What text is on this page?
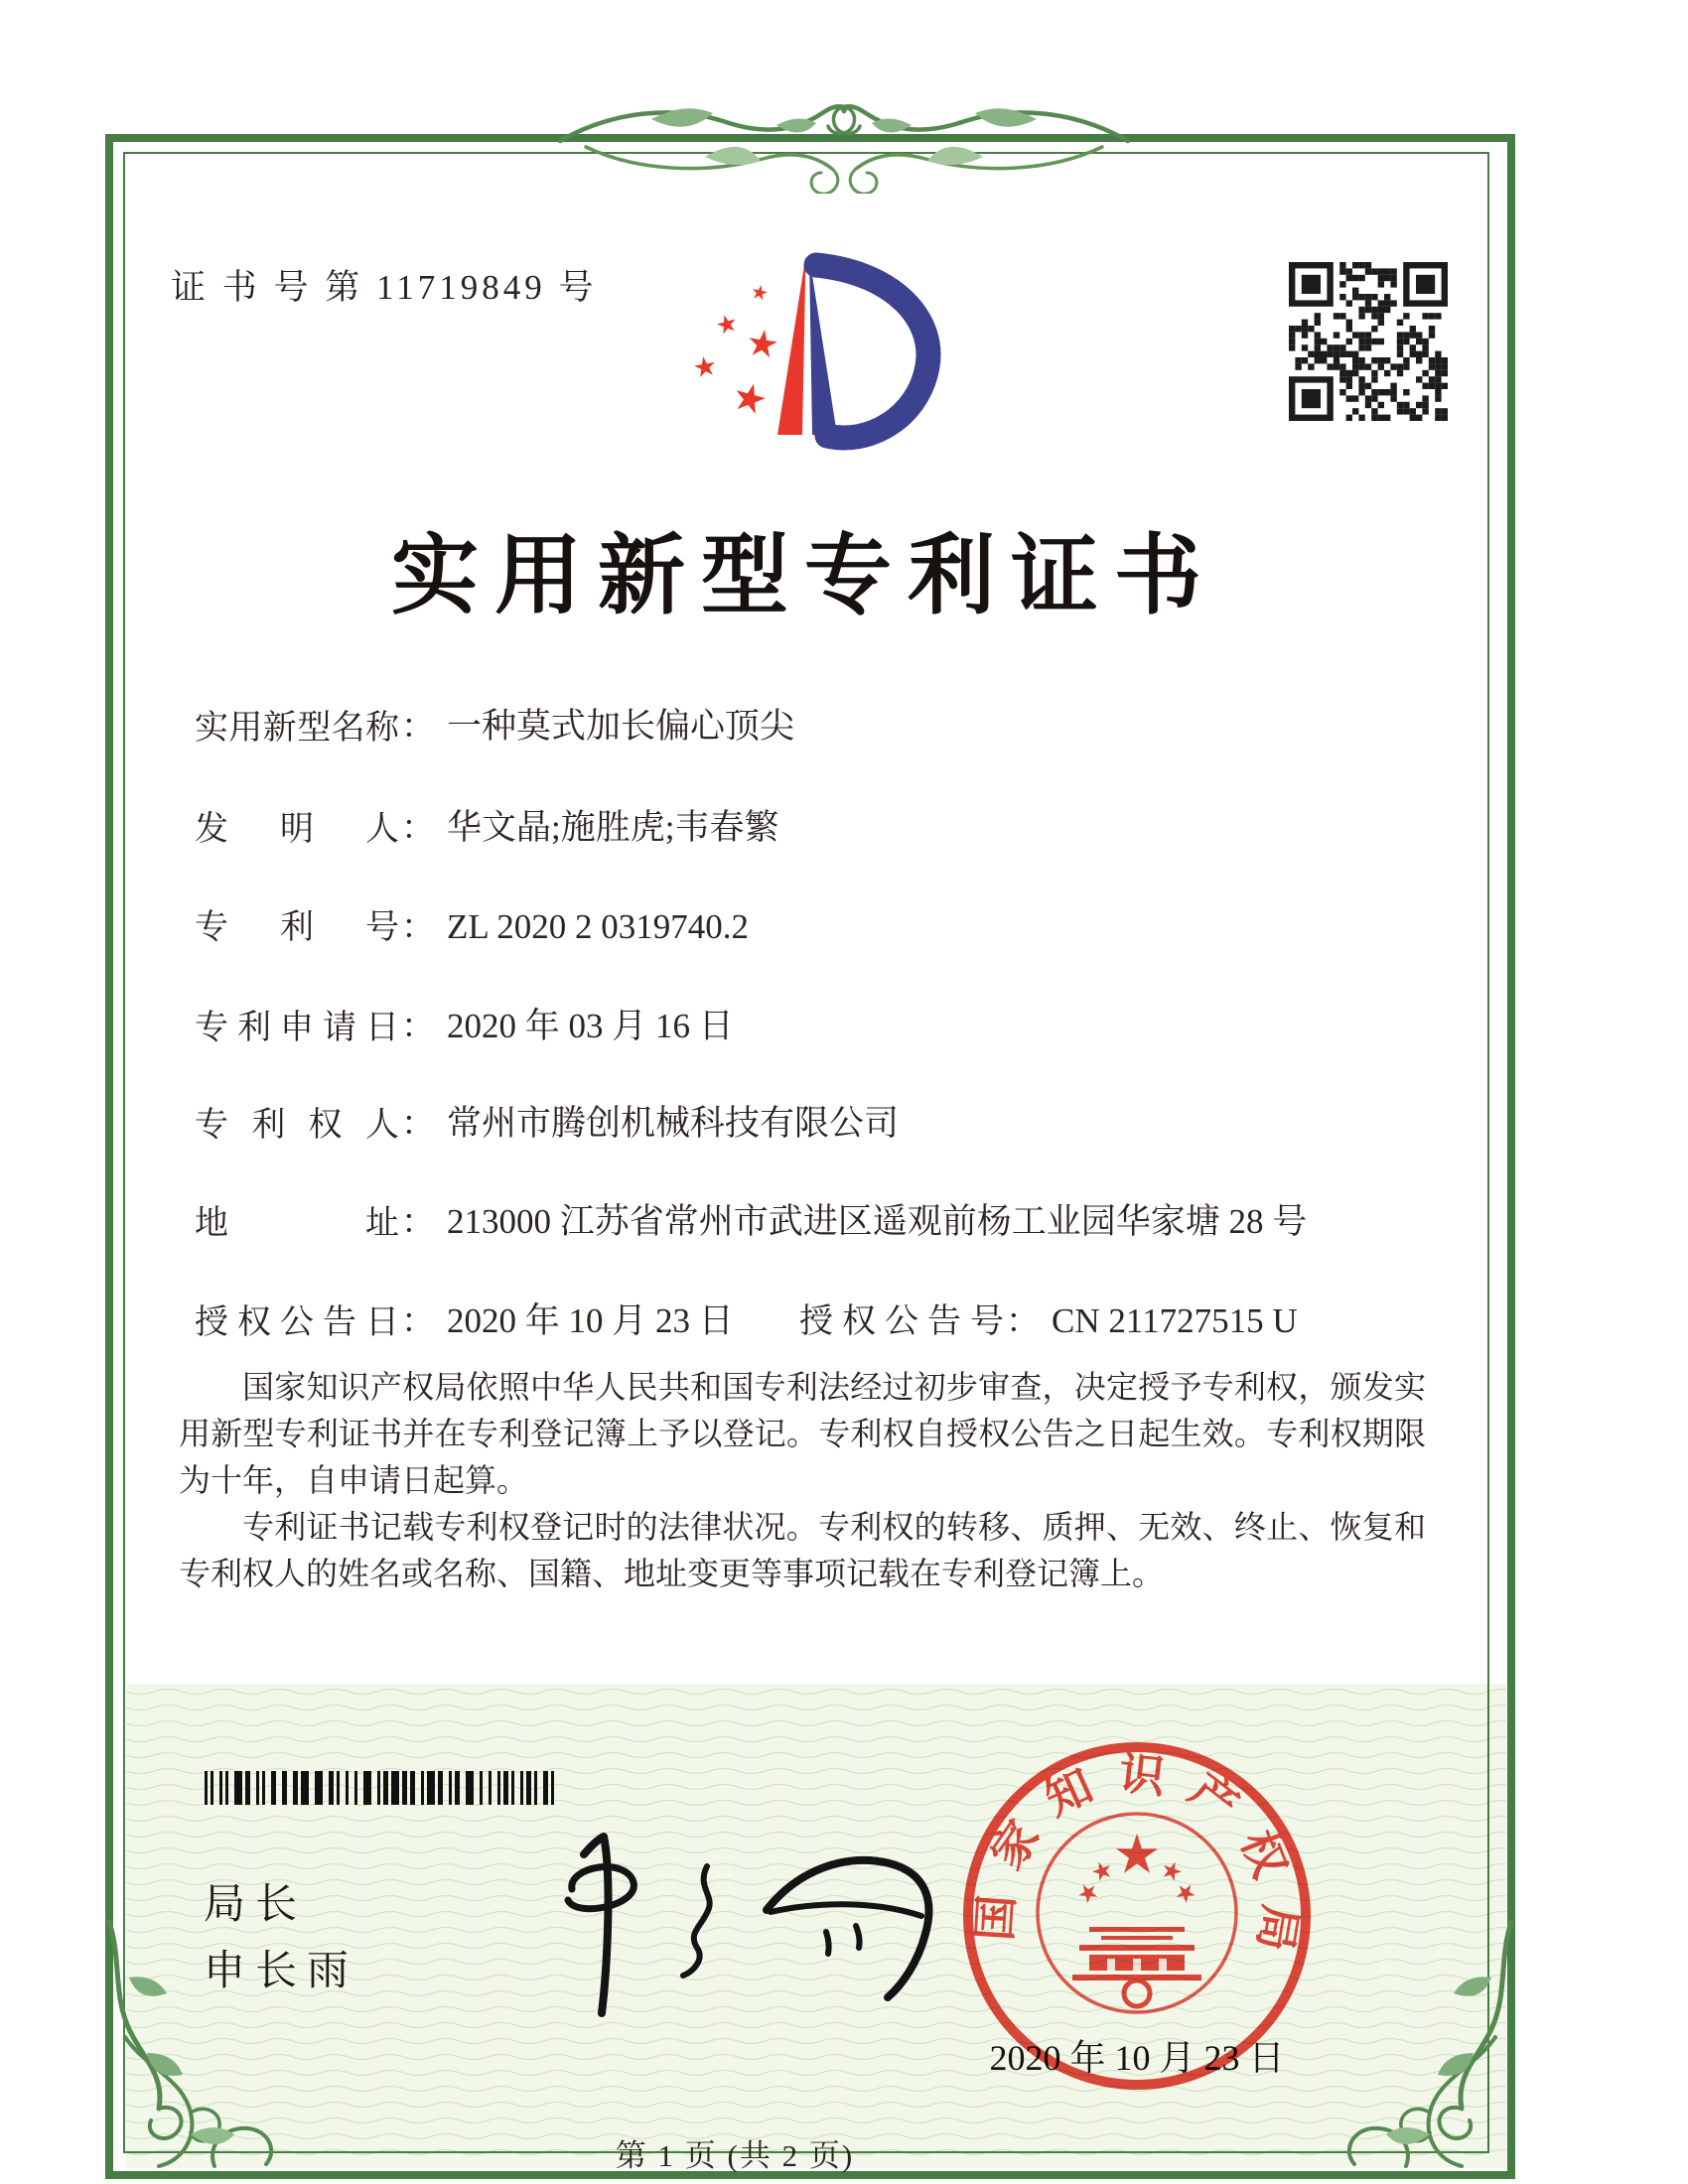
证 书 号 第 11719849 号
实用新型专利证书
实用新型名称： 一种莫式加长偏心顶尖
发明人： 华文晶;施胜虎;韦春繁
专利号： ZL 2020 2 0319740.2
专利申请日： 2020 年 03 月 16 日
专利权人： 常州市腾创机械科技有限公司
地址： 213000 江苏省常州市武进区遥观前杨工业园华家塘 28 号
授权公告日： 2020 年 10 月 23 日 授权公告号： CN 211727515 U

国家知识产权局依照中华人民共和国专利法经过初步审查，决定授予专利权，颁发实用新型专利证书并在专利登记簿上予以登记。专利权自授权公告之日起生效。专利权期限为十年，自申请日起算。

专利证书记载专利权登记时的法律状况。专利权的转移、质押、无效、终止、恢复和专利权人的姓名或名称、国籍、地址变更等事项记载在专利登记簿上。

局长
申长雨
2020 年 10 月 23 日
国家知识产权局
第 1 页 (共 2 页)
